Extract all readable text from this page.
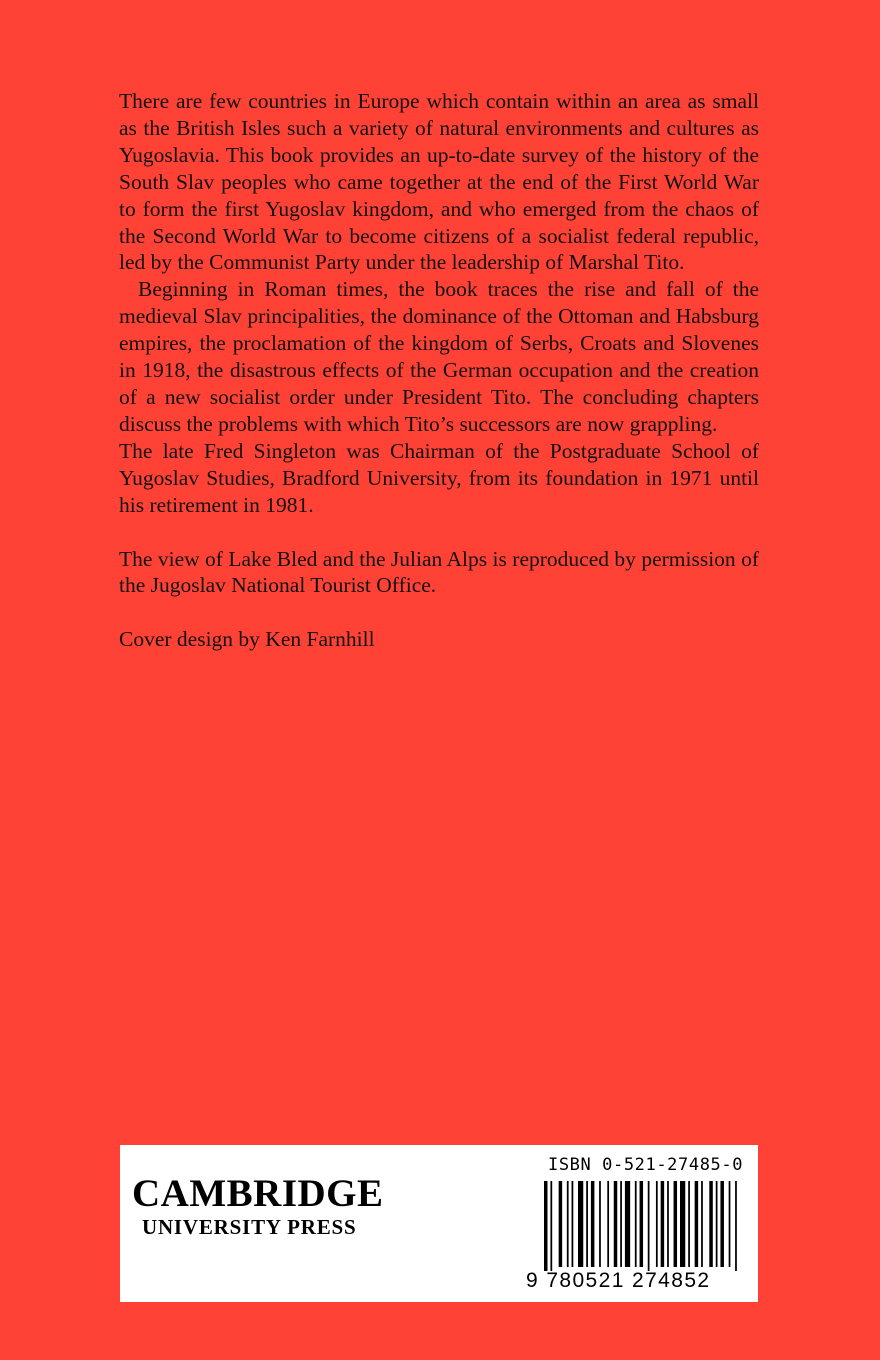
There are few countries in Europe which contain within an area as small as the British Isles such a variety of natural environments and cultures as Yugoslavia. This book provides an up-to-date survey of the history of the South Slav peoples who came together at the end of the First World War to form the first Yugoslav kingdom, and who emerged from the chaos of the Second World War to become citizens of a socialist federal republic, led by the Communist Party under the leadership of Marshal Tito.

Beginning in Roman times, the book traces the rise and fall of the medieval Slav principalities, the dominance of the Ottoman and Habsburg empires, the proclamation of the kingdom of Serbs, Croats and Slovenes in 1918, the disastrous effects of the German occupation and the creation of a new socialist order under President Tito. The concluding chapters discuss the problems with which Tito’s successors are now grappling.

The late Fred Singleton was Chairman of the Postgraduate School of Yugoslav Studies, Bradford University, from its foundation in 1971 until his retirement in 1981.

The view of Lake Bled and the Julian Alps is reproduced by permission of the Jugoslav National Tourist Office.

Cover design by Ken Farnhill

CAMBRIDGE
UNIVERSITY PRESS
ISBN 0-521-27485-0
9 780521 274852
